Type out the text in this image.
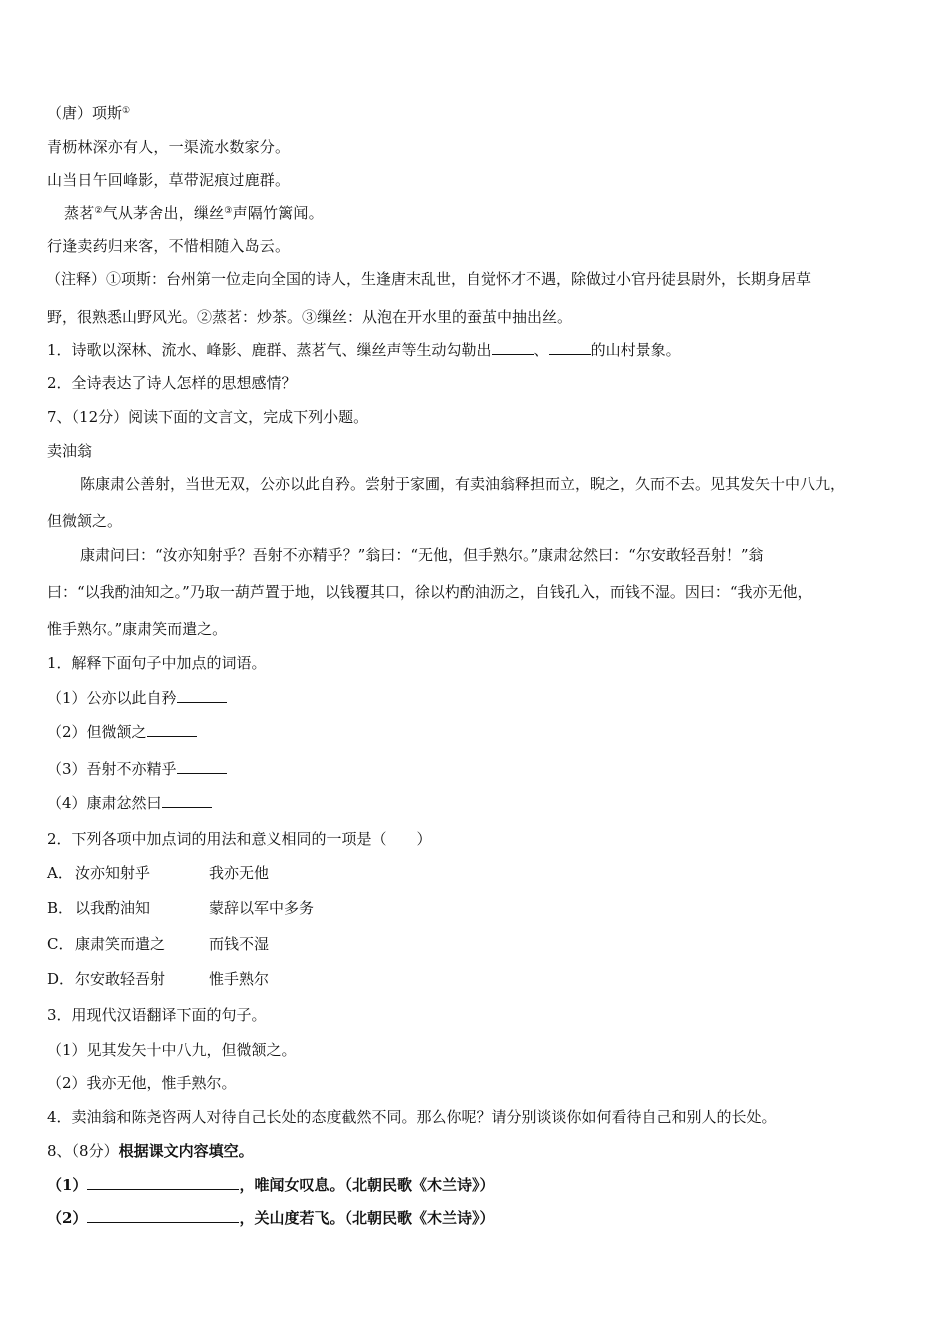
（唐）项斯①
青枥林深亦有人，一渠流水数家分。
山当日午回峰影，草带泥痕过鹿群。
蒸茗②气从茅舍出，缫丝③声隔竹篱闻。
行逢卖药归来客，不惜相随入岛云。
（注释）①项斯：台州第一位走向全国的诗人，生逢唐末乱世，自觉怀才不遇，除做过小官丹徒县尉外，长期身居草
野，很熟悉山野风光。②蒸茗：炒茶。③缫丝：从泡在开水里的蚕茧中抽出丝。
1．诗歌以深林、流水、峰影、鹿群、蒸茗气、缫丝声等生动勾勒出	、	的山村景象。
2．全诗表达了诗人怎样的思想感情？
7、（12分）阅读下面的文言文，完成下列小题。
卖油翁
陈康肃公善射，当世无双，公亦以此自矜。尝射于家圃，有卖油翁释担而立，睨之，久而不去。见其发矢十中八九，
但微颔之。
康肃问曰：“汝亦知射乎？吾射不亦精乎？”翁曰：“无他，但手熟尔。”康肃忿然曰：“尔安敢轻吾射！”翁
曰：“以我酌油知之。”乃取一葫芦置于地，以钱覆其口，徐以杓酌油沥之，自钱孔入，而钱不湿。因曰：“我亦无他，
惟手熟尔。”康肃笑而遣之。
1．解释下面句子中加点的词语。
（1）公亦以此自矜
（2）但微颔之
（3）吾射不亦精乎
（4）康肃忿然曰
2．下列各项中加点词的用法和意义相同的一项是（　　）
A． 汝亦知射乎	我亦无他
B． 以我酌油知	蒙辞以军中多务
C． 康肃笑而遣之	而钱不湿
D．尔安敢轻吾射	惟手熟尔
3．用现代汉语翻译下面的句子。
（1）见其发矢十中八九，但微颔之。
（2）我亦无他，惟手熟尔。
4．卖油翁和陈尧咨两人对待自己长处的态度截然不同。那么你呢？请分别谈谈你如何看待自己和别人的长处。
8、（8分）根据课文内容填空。
（1）	，唯闻女叹息。（北朝民歌《木兰诗》）
（2）	，关山度若飞。（北朝民歌《木兰诗》）
